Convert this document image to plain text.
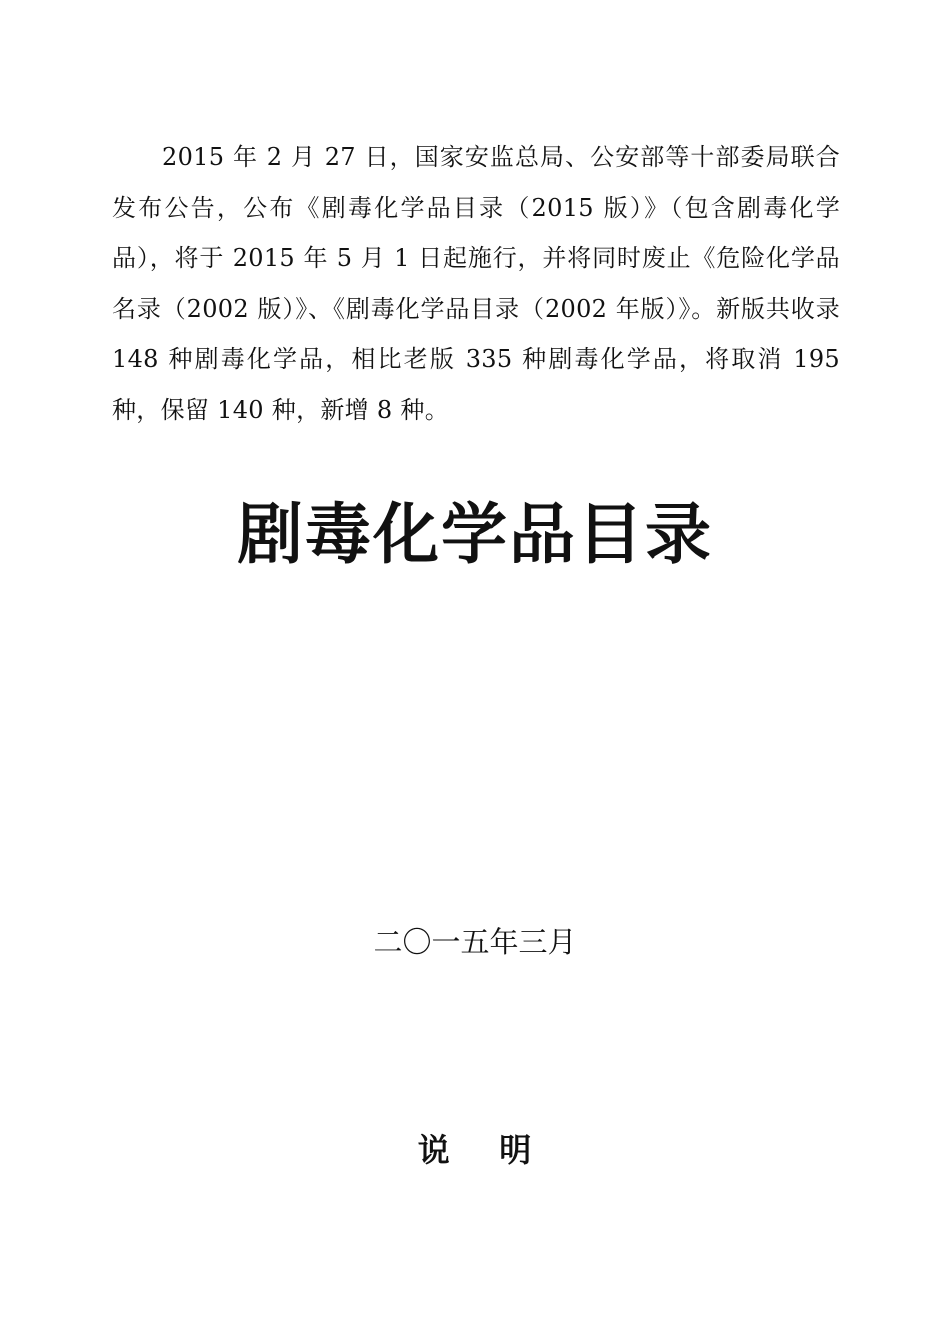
2015 年 2 月 27 日，国家安监总局、公安部等十部委局联合发布公告，公布《剧毒化学品目录（2015 版）》（包含剧毒化学品），将于 2015 年 5 月 1 日起施行，并将同时废止《危险化学品名录（2002 版）》、《剧毒化学品目录（2002 年版）》。新版共收录 148 种剧毒化学品，相比老版 335 种剧毒化学品，将取消 195 种，保留 140 种，新增 8 种。

剧毒化学品目录
二〇一五年三月
说    明
